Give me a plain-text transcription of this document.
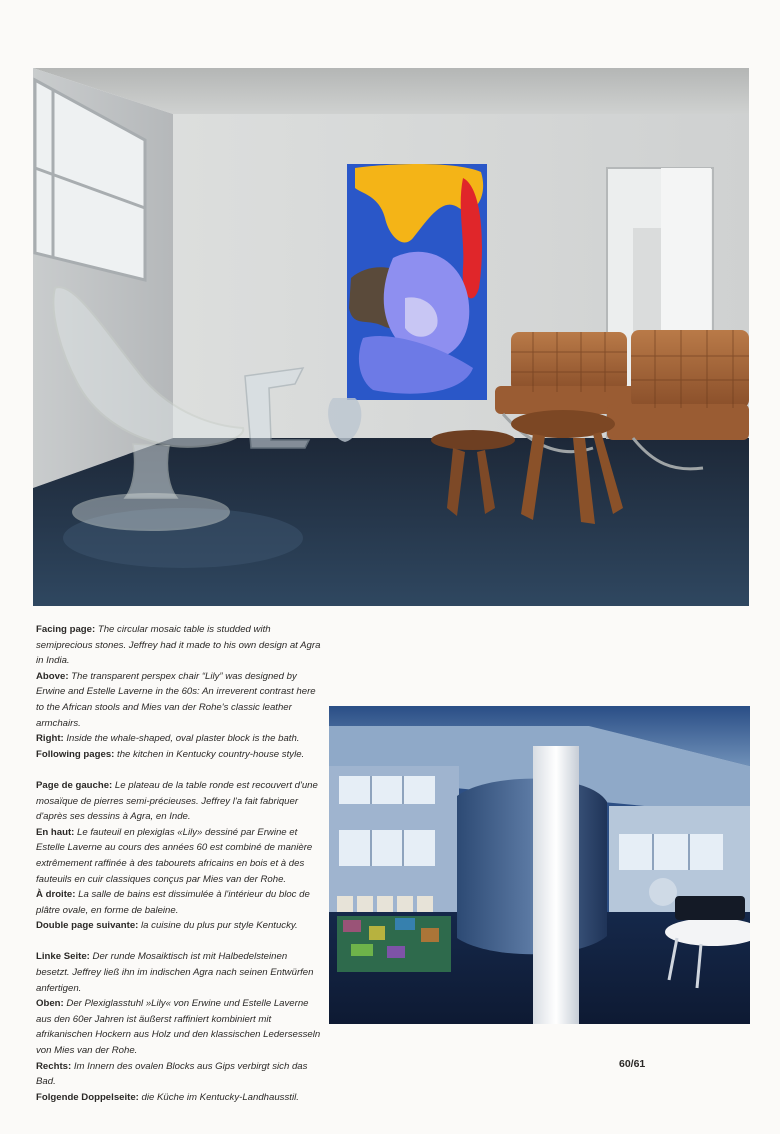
Facing page: The circular mosaic table is studded with semiprecious stones. Jeffrey had it made to his own design at Agra in India.

Above: The transparent perspex chair “Lily” was designed by Erwine and Estelle Laverne in the 60s: An irreverent contrast here to the African stools and Mies van der Rohe's classic leather armchairs.

Right: Inside the whale-shaped, oval plaster block is the bath.

Following pages: the kitchen in Kentucky country-house style.

Page de gauche: Le plateau de la table ronde est recouvert d'une mosaïque de pierres semi-précieuses. Jeffrey l'a fait fabriquer d'après ses dessins à Agra, en Inde.

En haut: Le fauteuil en plexiglas «Lily» dessiné par Erwine et Estelle Laverne au cours des années 60 est combiné de manière extrêmement raffinée à des tabourets africains en bois et à des fauteuils en cuir classiques conçus par Mies van der Rohe.

À droite: La salle de bains est dissimulée à l'intérieur du bloc de plâtre ovale, en forme de baleine.

Double page suivante: la cuisine du plus pur style Kentucky.

Linke Seite: Der runde Mosaiktisch ist mit Halbedelsteinen besetzt. Jeffrey ließ ihn im indischen Agra nach seinen Entwürfen anfertigen.

Oben: Der Plexiglasstuhl »Lily« von Erwine und Estelle Laverne aus den 60er Jahren ist äußerst raffiniert kombiniert mit afrikanischen Hockern aus Holz und den klassischen Ledersesseln von Mies van der Rohe.

Rechts: Im Innern des ovalen Blocks aus Gips verbirgt sich das Bad.

Folgende Doppelseite: die Küche im Kentucky-Landhausstil.

60/61
